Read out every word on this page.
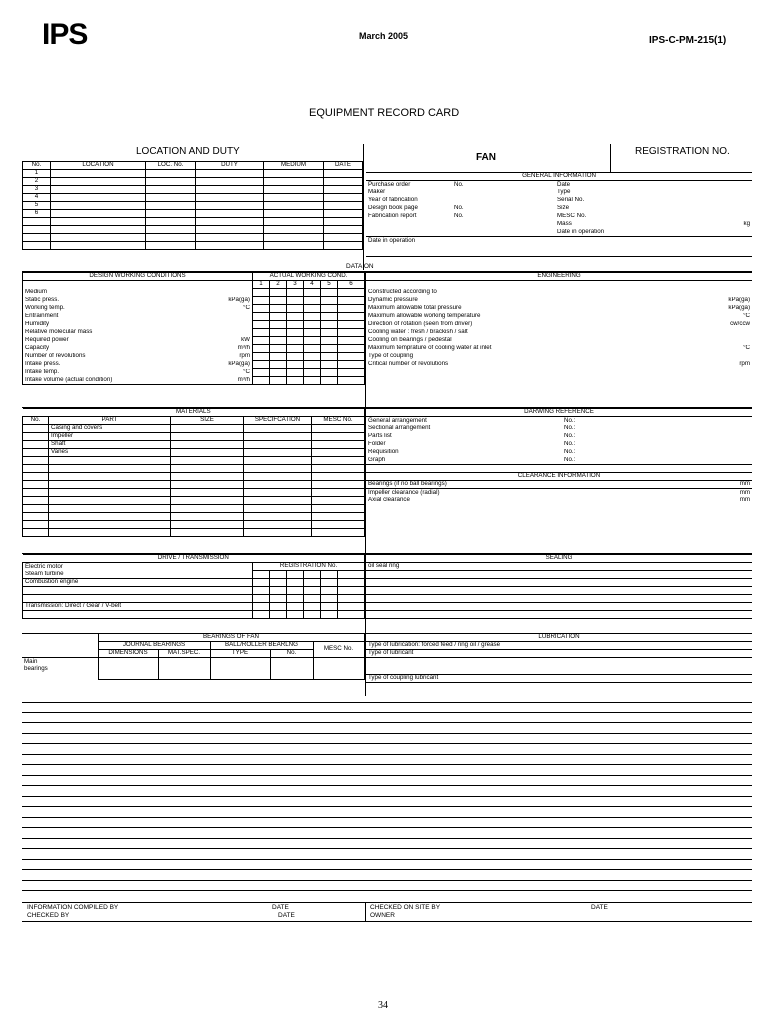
IPS	March 2005	IPS-C-PM-215(1)
EQUIPMENT RECORD CARD
LOCATION AND DUTY
No.	LOCATION	LOC. No.	DUTY	MEDIUM	DATE
1					
2					
3					
4					
5					
6					

FAN
REGISTRATION NO.
GENERAL INFORMATION			
Purchase order	No.	Date	
Maker		Type	
Year of fabrication		Serial No.	
Design book page	No.	Size	
Fabrication report	No.	MESC No.	
		Mass	kg
		Date in operation	
Date in operation			
DATA ON
DESIGN WORKING CONDITIONS	ACTUAL WORKING COND.					
	1	2	3	4	5	6
Medium

Static press. kPa(ga)						

Working temp. °C						

Entrainment

Humidity

Relative molecular mass

Required power kW						

Capacity m³/h						

Number of revolutions rpm						

Intake press. kPa(ga)						

Intake temp. °C						

Intake volume (actual condition) m³/h						

ENGINEERING	

Constructed according to	
Dynamic pressure	kPa(ga)
Maximum allowable total pressure	kPa(ga)
Maximum allowable working temperature	°C
Direction of rotation (seen from driver)	cw/ccw
Cooling water : fresh / brackish / salt	
Cooling on bearings / pedestal	
Maximum temprature of cooling water at inlet	°C
Type of coupling	
Critical number of revolutions	rpm
MATERIALS				
No.	PART	SIZE	SPECIFCATION	MESC No.
	Casing and covers			
	Impeller			
	Shaft			
	Vanes			

DARWING REFERENCE		
General arrangement	No.:	
Sectional arrangement	No.:	
Parts list	No.:	
Folder	No.:	
Requisition	No.:	
Graph	No.:	

CLEARANCE INFORMATION		
Bearings (if no ball bearings)		mm
Impeller clearance (radial)		mm
Axial clearance		mm
DRIVE / TRANSMISSION						
Electric motor	REGISTRATION No.					
Steam turbine						
Combustion engine						

Transmission: Direct / Gear / V-belt						

SEALING
oil seal ring

	BEARINGS OF FAN				
	JOURNAL BEARINGS		BALL/ROLLER BEARLNG		MESC No.
	DIMENSIONS	MAT.SPEC.	TYPE	No.	
Main
bearings					
LUBRICATION
Type of lubrication: forced feed / ring oil / grease
Type of lubricant

Type of coupling lubricant
INFORMATION COMPILED BY	DATE
CHECKED BY	DATE
CHECKED ON SITE BY	DATE
OWNER
34
